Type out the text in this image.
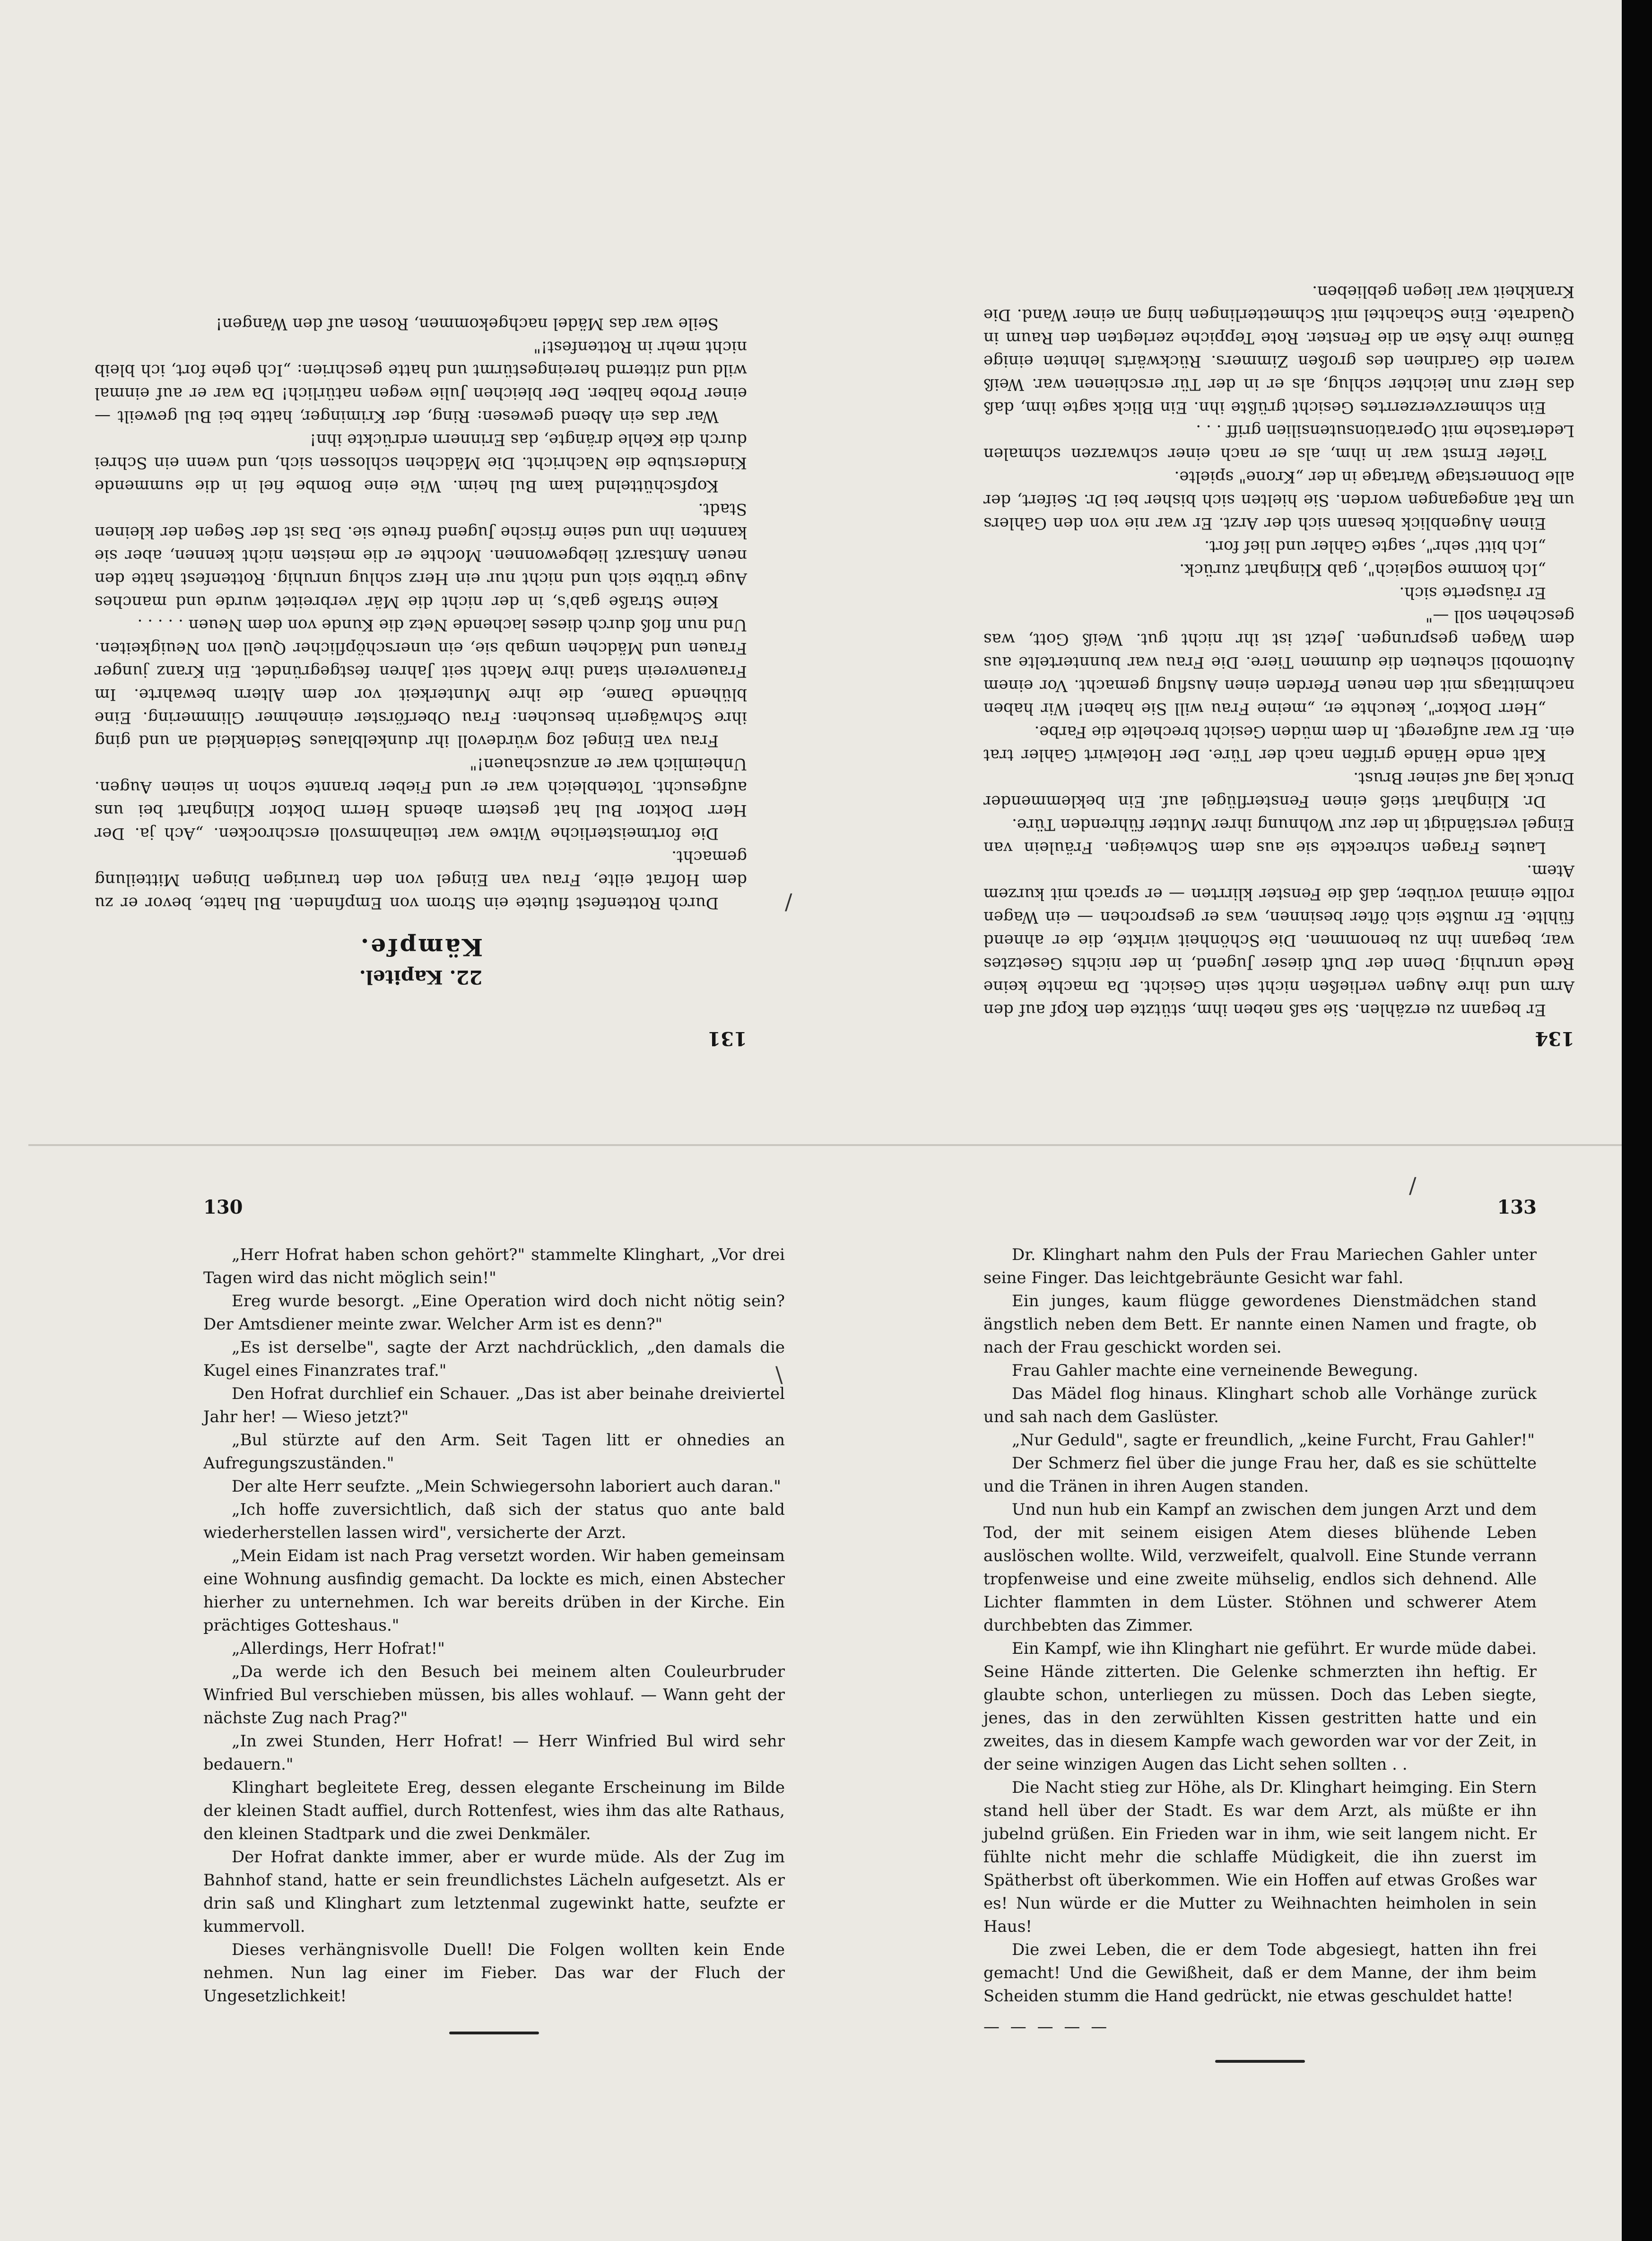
131
22. Kapitel.
Kämpfe.

Durch Rottenfest flutete ein Strom von Empfinden. Bul hatte, bevor er zu dem Hofrat eilte, Frau van Eingel von den traurigen Dingen Mitteilung gemacht.

Die fortmeisterliche Witwe war teilnahmsvoll erschrocken. „Ach ja. Der Herr Doktor Bul hat gestern abends Herrn Doktor Klinghart bei uns aufgesucht. Totenbleich war er und Fieber brannte schon in seinen Augen. Unheimlich war er anzuschauen!"

Frau van Eingel zog würdevoll ihr dunkelblaues Seidenkleid an und ging ihre Schwägerin besuchen: Frau Oberförster einnehmer Glimmering. Eine blühende Dame, die ihre Munterkeit vor dem Altern bewahrte. Im Frauenverein stand ihre Macht seit Jahren festgegründet. Ein Kranz junger Frauen und Mädchen umgab sie, ein unerschöpflicher Quell von Neuigkeiten. Und nun floß durch dieses lachende Netz die Kunde von dem Neuen . . . . .

Keine Straße gab's, in der nicht die Mär verbreitet wurde und manches Auge trübte sich und nicht nur ein Herz schlug unruhig. Rottenfest hatte den neuen Amtsarzt liebgewonnen. Mochte er die meisten nicht kennen, aber sie kannten ihn und seine frische Jugend freute sie. Das ist der Segen der kleinen Stadt.

Kopfschüttelnd kam Bul heim. Wie eine Bombe fiel in die summende Kinderstube die Nachricht. Die Mädchen schlossen sich, und wenn ein Schrei durch die Kehle drängte, das Erinnern erdrückte ihn!

War das ein Abend gewesen: Ring, der Kriminger, hatte bei Bul geweilt — einer Probe halber. Der bleichen Julie wegen natürlich! Da war er auf einmal wild und zitternd hereingestürmt und hatte geschrien: „Ich gehe fort, ich bleib nicht mehr in Rottenfest!"

Seile war das Mädel nachgekommen, Rosen auf den Wangen!

134

Er begann zu erzählen. Sie saß neben ihm, stützte den Kopf auf den Arm und ihre Augen verließen nicht sein Gesicht. Da machte keine Rede unruhig. Denn der Duft dieser Jugend, in der nichts Gesetztes war, begann ihn zu benommen. Die Schönheit wirkte, die er ahnend fühlte. Er mußte sich öfter besinnen, was er gesprochen — ein Wagen rollte einmal vorüber, daß die Fenster klirrten — er sprach mit kurzem Atem.

Lautes Fragen schreckte sie aus dem Schweigen. Fräulein van Eingel verständigt in der zur Wohnung ihrer Mutter führenden Türe.

Dr. Klinghart stieß einen Fensterflügel auf. Ein beklemmender Druck lag auf seiner Brust.

Kalt ende Hände griffen nach der Türe. Der Hotelwirt Gahler trat ein. Er war aufgeregt. In dem müden Gesicht brechelte die Farbe.

„Herr Doktor", keuchte er, „meine Frau will Sie haben! Wir haben nachmittags mit den neuen Pferden einen Ausflug gemacht. Vor einem Automobil scheuten die dummen Tiere. Die Frau war bunntertelte aus dem Wagen gesprungen. Jetzt ist ihr nicht gut. Weiß Gott, was geschehen soll —"

Er räusperte sich.

„Ich komme sogleich", gab Klinghart zurück.

„Ich bitt' sehr", sagte Gahler und lief fort.

Einen Augenblick besann sich der Arzt. Er war nie von den Gahlers um Rat angegangen worden. Sie hielten sich bisher bei Dr. Seifert, der alle Donnerstage Wartage in der „Krone" spielte.

Tiefer Ernst war in ihm, als er nach einer schwarzen schmalen Ledertasche mit Operationsutensilien griff . . .

Ein schmerzverzerrtes Gesicht grüßte ihn. Ein Blick sagte ihm, daß das Herz nun leichter schlug, als er in der Tür erschienen war. Weiß waren die Gardinen des großen Zimmers. Rückwärts lehnten einige Bäume ihre Äste an die Fenster. Rote Teppiche zerlegten den Raum in Quadrate. Eine Schachtel mit Schmetterlingen hing an einer Wand. Die Krankheit war liegen geblieben.

130

„Herr Hofrat haben schon gehört?" stammelte Klinghart, „Vor drei Tagen wird das nicht möglich sein!"

Ereg wurde besorgt. „Eine Operation wird doch nicht nötig sein? Der Amtsdiener meinte zwar. Welcher Arm ist es denn?"

„Es ist derselbe", sagte der Arzt nachdrücklich, „den damals die Kugel eines Finanzrates traf."

Den Hofrat durchlief ein Schauer. „Das ist aber beinahe dreiviertel Jahr her! — Wieso jetzt?"

„Bul stürzte auf den Arm. Seit Tagen litt er ohnedies an Aufregungszuständen."

Der alte Herr seufzte. „Mein Schwiegersohn laboriert auch daran."

„Ich hoffe zuversichtlich, daß sich der status quo ante bald wiederherstellen lassen wird", versicherte der Arzt.

„Mein Eidam ist nach Prag versetzt worden. Wir haben gemeinsam eine Wohnung ausfindig gemacht. Da lockte es mich, einen Abstecher hierher zu unternehmen. Ich war bereits drüben in der Kirche. Ein prächtiges Gotteshaus."

„Allerdings, Herr Hofrat!"

„Da werde ich den Besuch bei meinem alten Couleurbruder Winfried Bul verschieben müssen, bis alles wohlauf. — Wann geht der nächste Zug nach Prag?"

„In zwei Stunden, Herr Hofrat! — Herr Winfried Bul wird sehr bedauern."

Klinghart begleitete Ereg, dessen elegante Erscheinung im Bilde der kleinen Stadt auffiel, durch Rottenfest, wies ihm das alte Rathaus, den kleinen Stadtpark und die zwei Denkmäler.

Der Hofrat dankte immer, aber er wurde müde. Als der Zug im Bahnhof stand, hatte er sein freundlichstes Lächeln aufgesetzt. Als er drin saß und Klinghart zum letztenmal zugewinkt hatte, seufzte er kummervoll.

Dieses verhängnisvolle Duell! Die Folgen wollten kein Ende nehmen. Nun lag einer im Fieber. Das war der Fluch der Ungesetzlichkeit!

133

Dr. Klinghart nahm den Puls der Frau Mariechen Gahler unter seine Finger. Das leichtgebräunte Gesicht war fahl.

Ein junges, kaum flügge gewordenes Dienstmädchen stand ängstlich neben dem Bett. Er nannte einen Namen und fragte, ob nach der Frau geschickt worden sei.

Frau Gahler machte eine verneinende Bewegung.

Das Mädel flog hinaus. Klinghart schob alle Vorhänge zurück und sah nach dem Gaslüster.

„Nur Geduld", sagte er freundlich, „keine Furcht, Frau Gahler!"

Der Schmerz fiel über die junge Frau her, daß es sie schüttelte und die Tränen in ihren Augen standen.

Und nun hub ein Kampf an zwischen dem jungen Arzt und dem Tod, der mit seinem eisigen Atem dieses blühende Leben auslöschen wollte. Wild, verzweifelt, qualvoll. Eine Stunde verrann tropfenweise und eine zweite mühselig, endlos sich dehnend. Alle Lichter flammten in dem Lüster. Stöhnen und schwerer Atem durchbebten das Zimmer.

Ein Kampf, wie ihn Klinghart nie geführt. Er wurde müde dabei. Seine Hände zitterten. Die Gelenke schmerzten ihn heftig. Er glaubte schon, unterliegen zu müssen. Doch das Leben siegte, jenes, das in den zerwühlten Kissen gestritten hatte und ein zweites, das in diesem Kampfe wach geworden war vor der Zeit, in der seine winzigen Augen das Licht sehen sollten . .

Die Nacht stieg zur Höhe, als Dr. Klinghart heimging. Ein Stern stand hell über der Stadt. Es war dem Arzt, als müßte er ihn jubelnd grüßen. Ein Frieden war in ihm, wie seit langem nicht. Er fühlte nicht mehr die schlaffe Müdigkeit, die ihn zuerst im Spätherbst oft überkommen. Wie ein Hoffen auf etwas Großes war es! Nun würde er die Mutter zu Weihnachten heimholen in sein Haus!

Die zwei Leben, die er dem Tode abgesiegt, hatten ihn frei gemacht! Und die Gewißheit, daß er dem Manne, der ihm beim Scheiden stumm die Hand gedrückt, nie etwas geschuldet hatte!

— — — — —
/
\
/
